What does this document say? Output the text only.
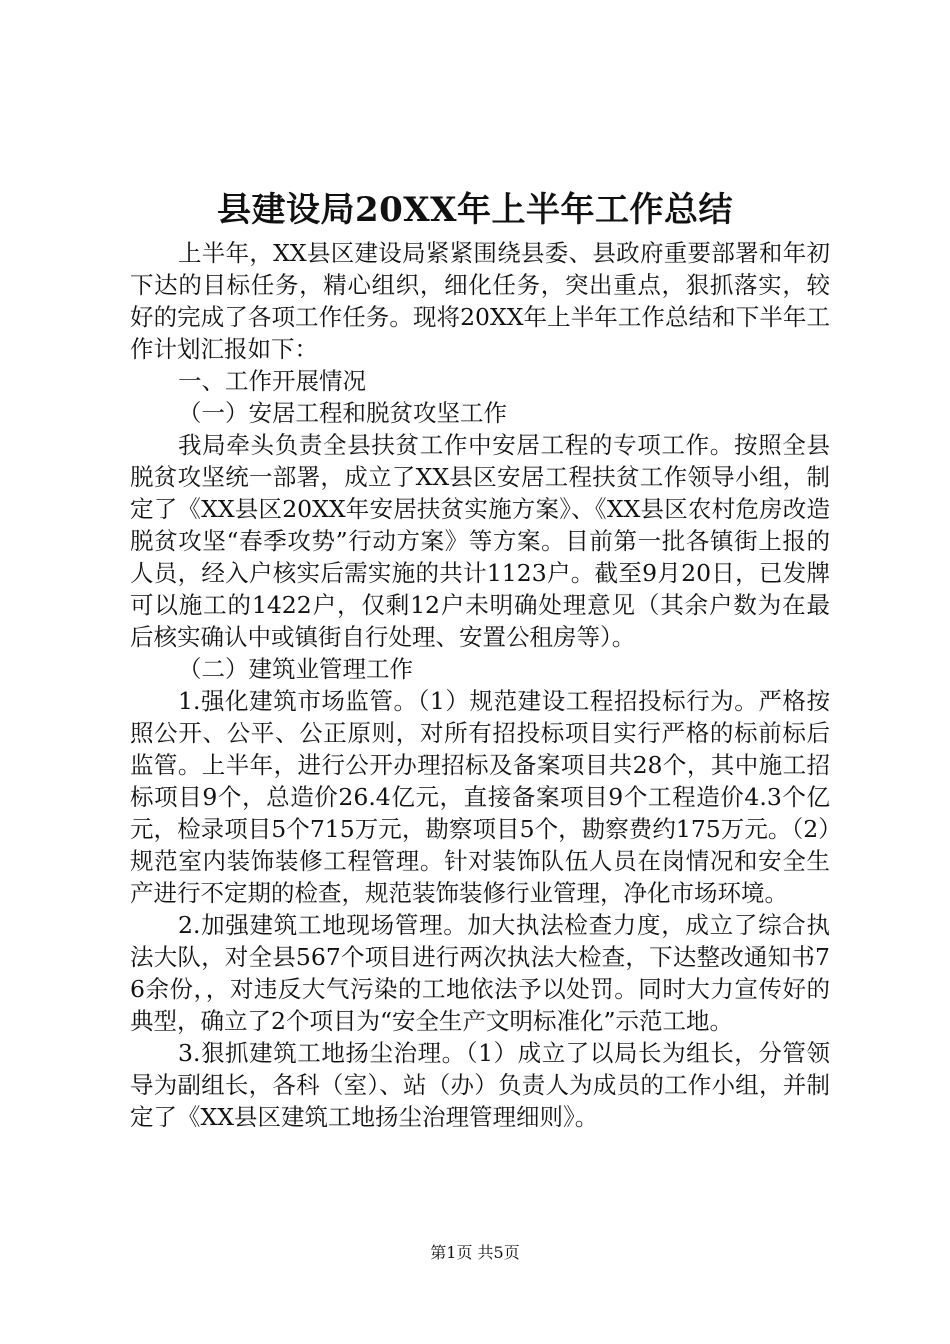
县建设局20XX年上半年工作总结

上半年，XX县区建设局紧紧围绕县委、县政府重要部署和年初下达的目标任务，精心组织，细化任务，突出重点，狠抓落实，较好的完成了各项工作任务。现将20XX年上半年工作总结和下半年工作计划汇报如下：

一、工作开展情况

（一）安居工程和脱贫攻坚工作

我局牵头负责全县扶贫工作中安居工程的专项工作。按照全县脱贫攻坚统一部署，成立了XX县区安居工程扶贫工作领导小组，制定了《XX县区20XX年安居扶贫实施方案》、《XX县区农村危房改造脱贫攻坚“春季攻势”行动方案》等方案。目前第一批各镇街上报的人员，经入户核实后需实施的共计1123户。截至9月20日，已发牌可以施工的1422户，仅剩12户未明确处理意见（其余户数为在最后核实确认中或镇街自行处理、安置公租房等）。

（二）建筑业管理工作

1.强化建筑市场监管。（1）规范建设工程招投标行为。严格按照公开、公平、公正原则，对所有招投标项目实行严格的标前标后监管。上半年，进行公开办理招标及备案项目共28个，其中施工招标项目9个，总造价26.4亿元，直接备案项目9个工程造价4.3个亿元，检录项目5个715万元，勘察项目5个，勘察费约175万元。（2）规范室内装饰装修工程管理。针对装饰队伍人员在岗情况和安全生产进行不定期的检查，规范装饰装修行业管理，净化市场环境。

2.加强建筑工地现场管理。加大执法检查力度，成立了综合执法大队，对全县567个项目进行两次执法大检查，下达整改通知书76余份，，对违反大气污染的工地依法予以处罚。同时大力宣传好的典型，确立了2个项目为“安全生产文明标准化”示范工地。

3.狠抓建筑工地扬尘治理。（1）成立了以局长为组长，分管领导为副组长，各科（室）、站（办）负责人为成员的工作小组，并制定了《XX县区建筑工地扬尘治理管理细则》。

第1页 共5页
